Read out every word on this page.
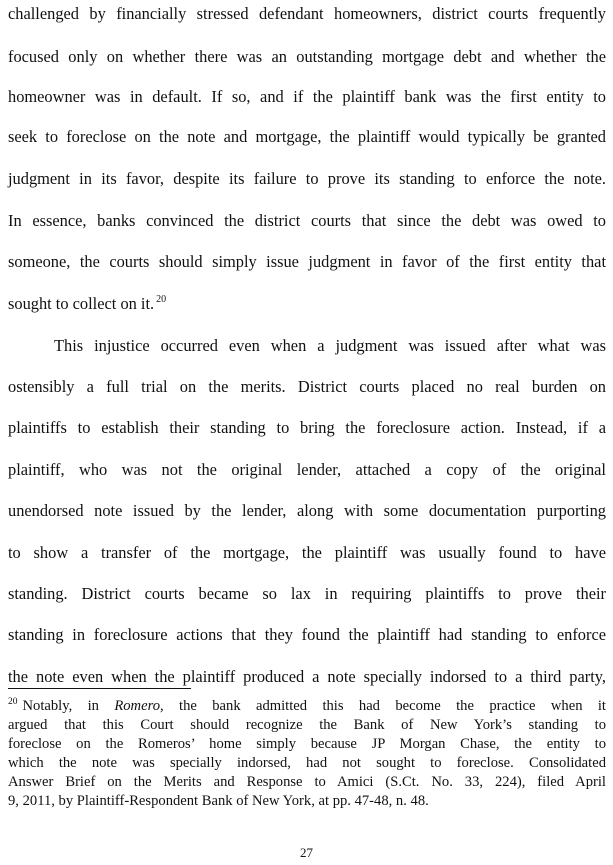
challenged by financially stressed defendant homeowners, district courts frequently
focused only on whether there was an outstanding mortgage debt and whether the
homeowner was in default. If so, and if the plaintiff bank was the first entity to
seek to foreclose on the note and mortgage, the plaintiff would typically be granted
judgment in its favor, despite its failure to prove its standing to enforce the note.
In essence, banks convinced the district courts that since the debt was owed to
someone, the courts should simply issue judgment in favor of the first entity that
sought to collect on it. $^{20}$
This injustice occurred even when a judgment was issued after what was
ostensibly a full trial on the merits. District courts placed no real burden on
plaintiffs to establish their standing to bring the foreclosure action. Instead, if a
plaintiff, who was not the original lender, attached a copy of the original
unendorsed note issued by the lender, along with some documentation purporting
to show a transfer of the mortgage, the plaintiff was usually found to have
standing. District courts became so lax in requiring plaintiffs to prove their
standing in foreclosure actions that they found the plaintiff had standing to enforce
the note even when the plaintiff produced a note specially indorsed to a third party,
$^{20}$ Notably, in Romero, the bank admitted this had become the practice when it
argued that this Court should recognize the Bank of New York’s standing to
foreclose on the Romeros’ home simply because JP Morgan Chase, the entity to
which the note was specially indorsed, had not sought to foreclose. Consolidated
Answer Brief on the Merits and Response to Amici (S.Ct. No. 33, 224), filed April
9, 2011, by Plaintiff-Respondent Bank of New York, at pp. 47-48, n. 48.
27
